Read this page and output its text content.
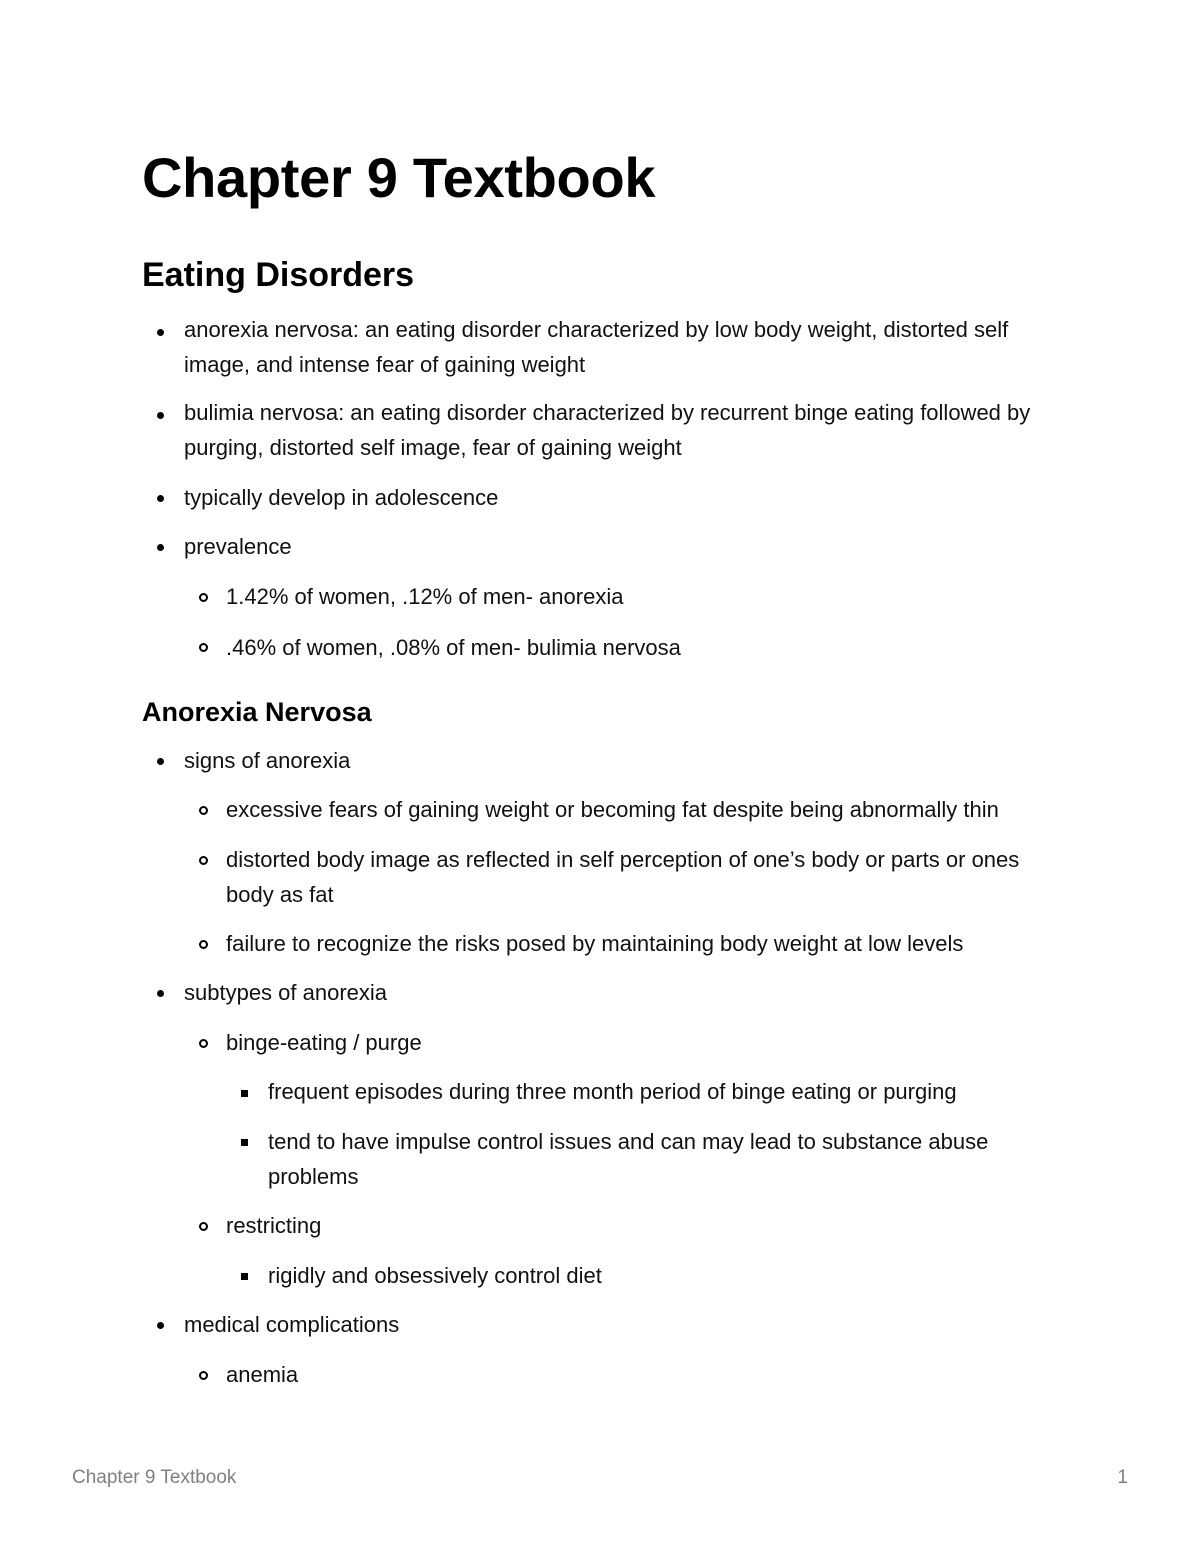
Chapter 9 Textbook
Eating Disorders

anorexia nervosa: an eating disorder characterized by low body weight, distorted self image, and intense fear of gaining weight

bulimia nervosa: an eating disorder characterized by recurrent binge eating followed by purging, distorted self image, fear of gaining weight

typically develop in adolescence

prevalence

1.42% of women, .12% of men- anorexia

.46% of women, .08% of men- bulimia nervosa

Anorexia Nervosa

signs of anorexia

excessive fears of gaining weight or becoming fat despite being abnormally thin

distorted body image as reflected in self perception of one’s body or parts or ones body as fat

failure to recognize the risks posed by maintaining body weight at low levels

subtypes of anorexia

binge-eating / purge

frequent episodes during three month period of binge eating or purging

tend to have impulse control issues and can may lead to substance abuse problems

restricting

rigidly and obsessively control diet

medical complications

anemia

Chapter 9 Textbook	1
